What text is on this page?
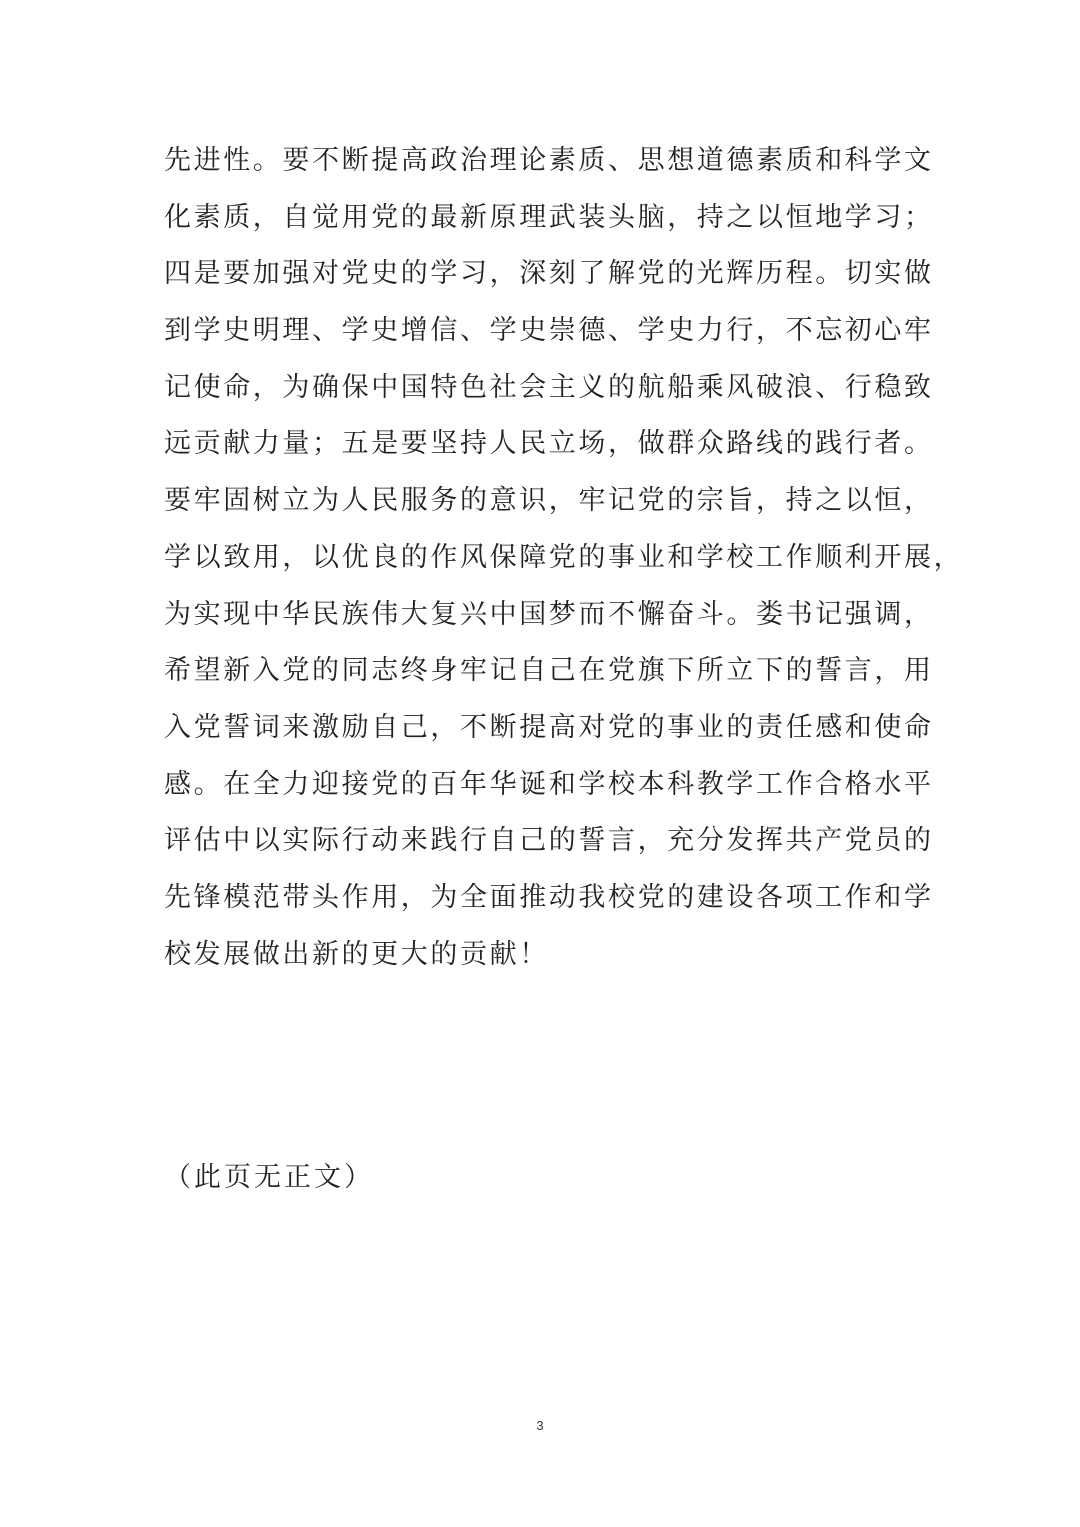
先进性。要不断提高政治理论素质、思想道德素质和科学文
化素质，自觉用党的最新原理武装头脑，持之以恒地学习；
四是要加强对党史的学习，深刻了解党的光辉历程。切实做
到学史明理、学史增信、学史崇德、学史力行，不忘初心牢
记使命，为确保中国特色社会主义的航船乘风破浪、行稳致
远贡献力量；五是要坚持人民立场，做群众路线的践行者。
要牢固树立为人民服务的意识，牢记党的宗旨，持之以恒，
学以致用，以优良的作风保障党的事业和学校工作顺利开展，
为实现中华民族伟大复兴中国梦而不懈奋斗。娄书记强调，
希望新入党的同志终身牢记自己在党旗下所立下的誓言，用
入党誓词来激励自己，不断提高对党的事业的责任感和使命
感。在全力迎接党的百年华诞和学校本科教学工作合格水平
评估中以实际行动来践行自己的誓言，充分发挥共产党员的
先锋模范带头作用，为全面推动我校党的建设各项工作和学
校发展做出新的更大的贡献！
（此页无正文）
3
